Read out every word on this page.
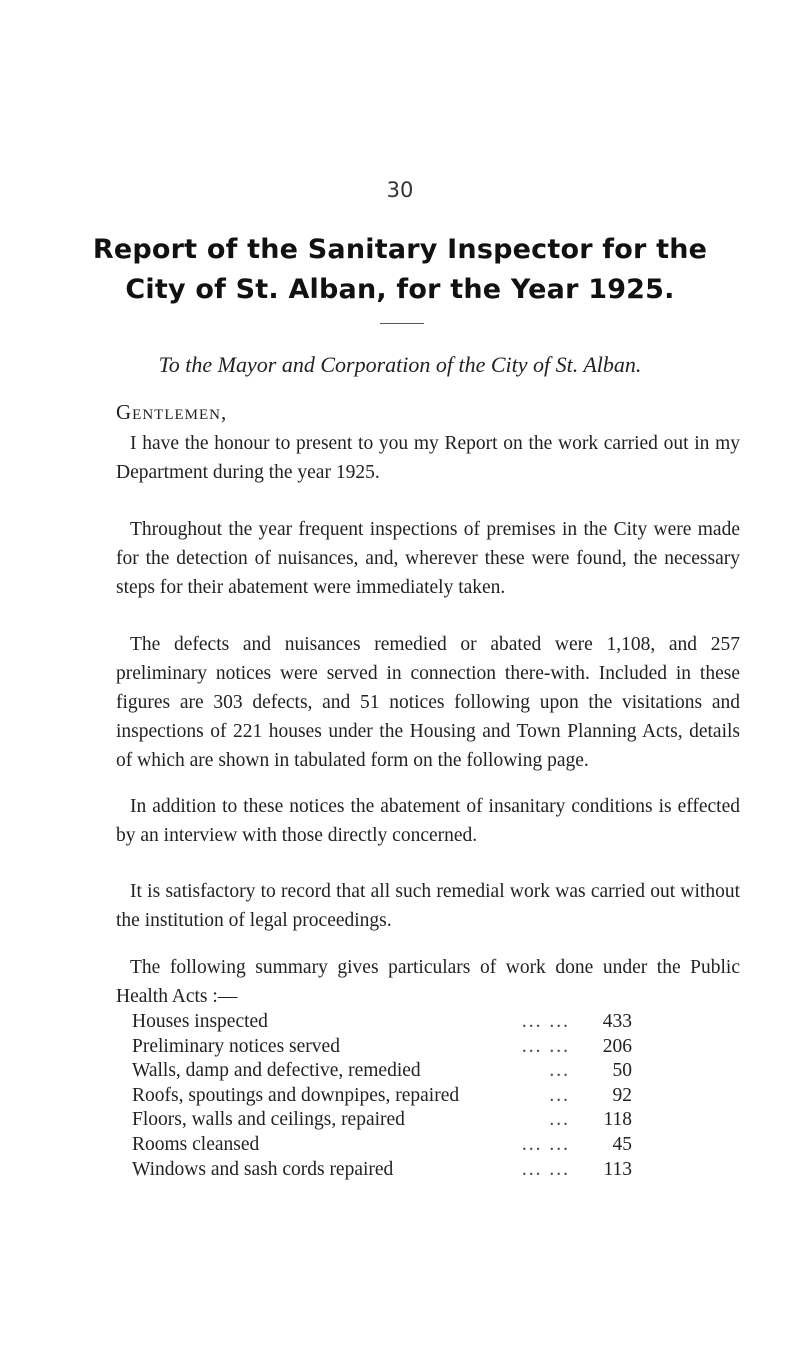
30
Report of the Sanitary Inspector for the City of St. Alban, for the Year 1925.
To the Mayor and Corporation of the City of St. Alban.
Gentlemen,
I have the honour to present to you my Report on the work carried out in my Department during the year 1925.
Throughout the year frequent inspections of premises in the City were made for the detection of nuisances, and, wherever these were found, the necessary steps for their abatement were immediately taken.
The defects and nuisances remedied or abated were 1,108, and 257 preliminary notices were served in connection there-with. Included in these figures are 303 defects, and 51 notices following upon the visitations and inspections of 221 houses under the Housing and Town Planning Acts, details of which are shown in tabulated form on the following page.
In addition to these notices the abatement of insanitary conditions is effected by an interview with those directly concerned.
It is satisfactory to record that all such remedial work was carried out without the institution of legal proceedings.
The following summary gives particulars of work done under the Public Health Acts :—
Houses inspected	... ...	433
Preliminary notices served	... ...	206
Walls, damp and defective, remedied	...	50
Roofs, spoutings and downpipes, repaired	...	92
Floors, walls and ceilings, repaired	...	118
Rooms cleansed	... ...	45
Windows and sash cords repaired	... ...	113
